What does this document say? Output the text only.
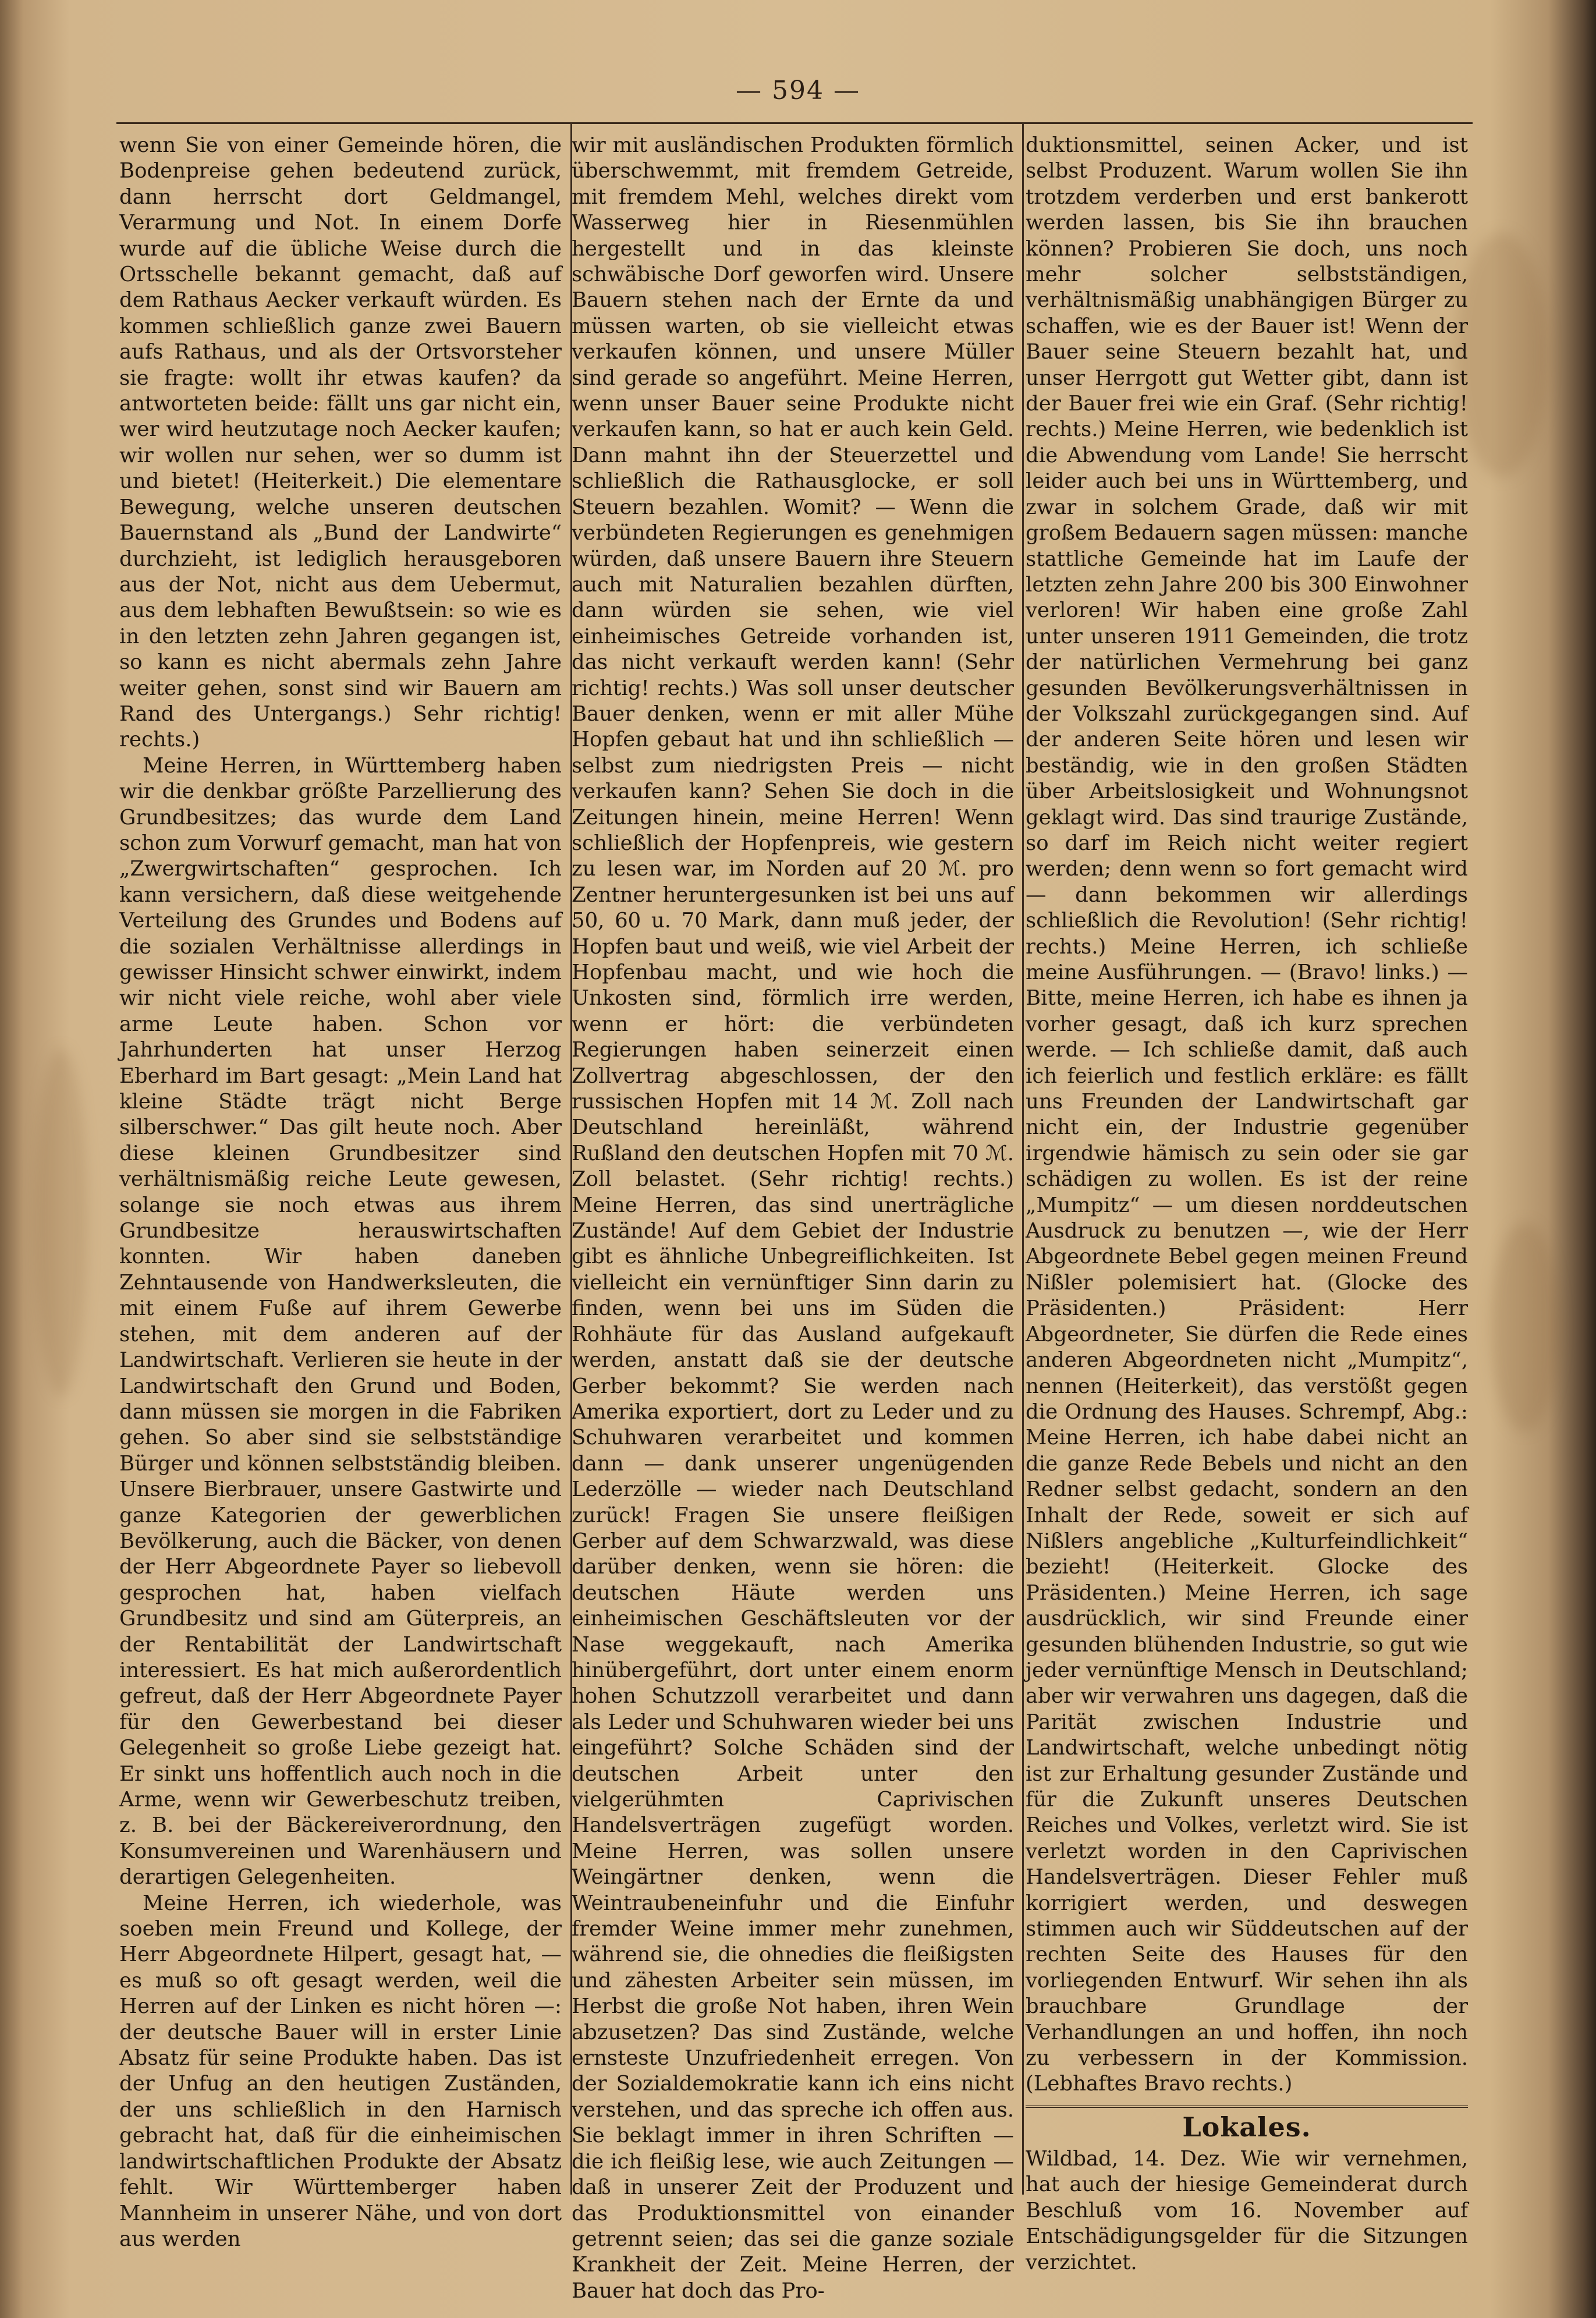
— 594 —

wenn Sie von einer Gemeinde hören, die Bodenpreise gehen bedeutend zurück, dann herrscht dort Geldmangel, Verarmung und Not. In einem Dorfe wurde auf die übliche Weise durch die Ortsschelle bekannt gemacht, daß auf dem Rathaus Aecker verkauft würden. Es kommen schließlich ganze zwei Bauern aufs Rathaus, und als der Ortsvorsteher sie fragte: wollt ihr etwas kaufen? da antworteten beide: fällt uns gar nicht ein, wer wird heutzutage noch Aecker kaufen; wir wollen nur sehen, wer so dumm ist und bietet! (Heiterkeit.) Die elementare Bewegung, welche unseren deutschen Bauernstand als „Bund der Landwirte“ durchzieht, ist lediglich herausgeboren aus der Not, nicht aus dem Uebermut, aus dem lebhaften Bewußtsein: so wie es in den letzten zehn Jahren gegangen ist, so kann es nicht abermals zehn Jahre weiter gehen, sonst sind wir Bauern am Rand des Untergangs.) Sehr richtig! rechts.)

Meine Herren, in Württemberg haben wir die denkbar größte Parzellierung des Grundbesitzes; das wurde dem Land schon zum Vorwurf gemacht, man hat von „Zwergwirtschaften“ gesprochen. Ich kann versichern, daß diese weitgehende Verteilung des Grundes und Bodens auf die sozialen Verhältnisse allerdings in gewisser Hinsicht schwer einwirkt, indem wir nicht viele reiche, wohl aber viele arme Leute haben. Schon vor Jahrhunderten hat unser Herzog Eberhard im Bart gesagt: „Mein Land hat kleine Städte trägt nicht Berge silberschwer.“ Das gilt heute noch. Aber diese kleinen Grundbesitzer sind verhältnismäßig reiche Leute gewesen, solange sie noch etwas aus ihrem Grundbesitze herauswirtschaften konnten. Wir haben daneben Zehntausende von Handwerksleuten, die mit einem Fuße auf ihrem Gewerbe stehen, mit dem anderen auf der Landwirtschaft. Verlieren sie heute in der Landwirtschaft den Grund und Boden, dann müssen sie morgen in die Fabriken gehen. So aber sind sie selbstständige Bürger und können selbstständig bleiben. Unsere Bierbrauer, unsere Gastwirte und ganze Kategorien der gewerblichen Bevölkerung, auch die Bäcker, von denen der Herr Abgeordnete Payer so liebevoll gesprochen hat, haben vielfach Grundbesitz und sind am Güterpreis, an der Rentabilität der Landwirtschaft interessiert. Es hat mich außerordentlich gefreut, daß der Herr Abgeordnete Payer für den Gewerbestand bei dieser Gelegenheit so große Liebe gezeigt hat. Er sinkt uns hoffentlich auch noch in die Arme, wenn wir Gewerbeschutz treiben, z. B. bei der Bäckereiverordnung, den Konsumvereinen und Warenhäusern und derartigen Gelegenheiten.

Meine Herren, ich wiederhole, was soeben mein Freund und Kollege, der Herr Abgeordnete Hilpert, gesagt hat, — es muß so oft gesagt werden, weil die Herren auf der Linken es nicht hören —: der deutsche Bauer will in erster Linie Absatz für seine Produkte haben. Das ist der Unfug an den heutigen Zuständen, der uns schließlich in den Harnisch gebracht hat, daß für die einheimischen landwirtschaftlichen Produkte der Absatz fehlt. Wir Württemberger haben Mannheim in unserer Nähe, und von dort aus werden

wir mit ausländischen Produkten förmlich überschwemmt, mit fremdem Getreide, mit fremdem Mehl, welches direkt vom Wasserweg hier in Riesenmühlen hergestellt und in das kleinste schwäbische Dorf geworfen wird. Unsere Bauern stehen nach der Ernte da und müssen warten, ob sie vielleicht etwas verkaufen können, und unsere Müller sind gerade so angeführt. Meine Herren, wenn unser Bauer seine Produkte nicht verkaufen kann, so hat er auch kein Geld. Dann mahnt ihn der Steuerzettel und schließlich die Rathausglocke, er soll Steuern bezahlen. Womit? — Wenn die verbündeten Regierungen es genehmigen würden, daß unsere Bauern ihre Steuern auch mit Naturalien bezahlen dürften, dann würden sie sehen, wie viel einheimisches Getreide vorhanden ist, das nicht verkauft werden kann! (Sehr richtig! rechts.) Was soll unser deutscher Bauer denken, wenn er mit aller Mühe Hopfen gebaut hat und ihn schließlich — selbst zum niedrigsten Preis — nicht verkaufen kann? Sehen Sie doch in die Zeitungen hinein, meine Herren! Wenn schließlich der Hopfenpreis, wie gestern zu lesen war, im Norden auf 20 ℳ. pro Zentner heruntergesunken ist bei uns auf 50, 60 u. 70 Mark, dann muß jeder, der Hopfen baut und weiß, wie viel Arbeit der Hopfenbau macht, und wie hoch die Unkosten sind, förmlich irre werden, wenn er hört: die verbündeten Regierungen haben seinerzeit einen Zollvertrag abgeschlossen, der den russischen Hopfen mit 14 ℳ. Zoll nach Deutschland hereinläßt, während Rußland den deutschen Hopfen mit 70 ℳ. Zoll belastet. (Sehr richtig! rechts.) Meine Herren, das sind unerträgliche Zustände! Auf dem Gebiet der Industrie gibt es ähnliche Unbegreiflichkeiten. Ist vielleicht ein vernünftiger Sinn darin zu finden, wenn bei uns im Süden die Rohhäute für das Ausland aufgekauft werden, anstatt daß sie der deutsche Gerber bekommt? Sie werden nach Amerika exportiert, dort zu Leder und zu Schuhwaren verarbeitet und kommen dann — dank unserer ungenügenden Lederzölle — wieder nach Deutschland zurück! Fragen Sie unsere fleißigen Gerber auf dem Schwarzwald, was diese darüber denken, wenn sie hören: die deutschen Häute werden uns einheimischen Geschäftsleuten vor der Nase weggekauft, nach Amerika hinübergeführt, dort unter einem enorm hohen Schutzzoll verarbeitet und dann als Leder und Schuhwaren wieder bei uns eingeführt? Solche Schäden sind der deutschen Arbeit unter den vielgerühmten Caprivischen Handelsverträgen zugefügt worden. Meine Herren, was sollen unsere Weingärtner denken, wenn die Weintraubeneinfuhr und die Einfuhr fremder Weine immer mehr zunehmen, während sie, die ohnedies die fleißigsten und zähesten Arbeiter sein müssen, im Herbst die große Not haben, ihren Wein abzusetzen? Das sind Zustände, welche ernsteste Unzufriedenheit erregen. Von der Sozialdemokratie kann ich eins nicht verstehen, und das spreche ich offen aus. Sie beklagt immer in ihren Schriften — die ich fleißig lese, wie auch Zeitungen — daß in unserer Zeit der Produzent und das Produktionsmittel von einander getrennt seien; das sei die ganze soziale Krankheit der Zeit. Meine Herren, der Bauer hat doch das Pro-

duktionsmittel, seinen Acker, und ist selbst Produzent. Warum wollen Sie ihn trotzdem verderben und erst bankerott werden lassen, bis Sie ihn brauchen können? Probieren Sie doch, uns noch mehr solcher selbstständigen, verhältnismäßig unabhängigen Bürger zu schaffen, wie es der Bauer ist! Wenn der Bauer seine Steuern bezahlt hat, und unser Herrgott gut Wetter gibt, dann ist der Bauer frei wie ein Graf. (Sehr richtig! rechts.) Meine Herren, wie bedenklich ist die Abwendung vom Lande! Sie herrscht leider auch bei uns in Württemberg, und zwar in solchem Grade, daß wir mit großem Bedauern sagen müssen: manche stattliche Gemeinde hat im Laufe der letzten zehn Jahre 200 bis 300 Einwohner verloren! Wir haben eine große Zahl unter unseren 1911 Gemeinden, die trotz der natürlichen Vermehrung bei ganz gesunden Bevölkerungsverhältnissen in der Volkszahl zurückgegangen sind. Auf der anderen Seite hören und lesen wir beständig, wie in den großen Städten über Arbeitslosigkeit und Wohnungsnot geklagt wird. Das sind traurige Zustände, so darf im Reich nicht weiter regiert werden; denn wenn so fort gemacht wird — dann bekommen wir allerdings schließlich die Revolution! (Sehr richtig! rechts.) Meine Herren, ich schließe meine Ausführungen. — (Bravo! links.) — Bitte, meine Herren, ich habe es ihnen ja vorher gesagt, daß ich kurz sprechen werde. — Ich schließe damit, daß auch ich feierlich und festlich erkläre: es fällt uns Freunden der Landwirtschaft gar nicht ein, der Industrie gegenüber irgendwie hämisch zu sein oder sie gar schädigen zu wollen. Es ist der reine „Mumpitz“ — um diesen norddeutschen Ausdruck zu benutzen —, wie der Herr Abgeordnete Bebel gegen meinen Freund Nißler polemisiert hat. (Glocke des Präsidenten.) Präsident: Herr Abgeordneter, Sie dürfen die Rede eines anderen Abgeordneten nicht „Mumpitz“, nennen (Heiterkeit), das verstößt gegen die Ordnung des Hauses. Schrempf, Abg.: Meine Herren, ich habe dabei nicht an die ganze Rede Bebels und nicht an den Redner selbst gedacht, sondern an den Inhalt der Rede, soweit er sich auf Nißlers angebliche „Kulturfeindlichkeit“ bezieht! (Heiterkeit. Glocke des Präsidenten.) Meine Herren, ich sage ausdrücklich, wir sind Freunde einer gesunden blühenden Industrie, so gut wie jeder vernünftige Mensch in Deutschland; aber wir verwahren uns dagegen, daß die Parität zwischen Industrie und Landwirtschaft, welche unbedingt nötig ist zur Erhaltung gesunder Zustände und für die Zukunft unseres Deutschen Reiches und Volkes, verletzt wird. Sie ist verletzt worden in den Caprivischen Handelsverträgen. Dieser Fehler muß korrigiert werden, und deswegen stimmen auch wir Süddeutschen auf der rechten Seite des Hauses für den vorliegenden Entwurf. Wir sehen ihn als brauchbare Grundlage der Verhandlungen an und hoffen, ihn noch zu verbessern in der Kommission. (Lebhaftes Bravo rechts.)

Lokales.

Wildbad, 14. Dez. Wie wir vernehmen, hat auch der hiesige Gemeinderat durch Beschluß vom 16. November auf Entschädigungsgelder für die Sitzungen verzichtet.
